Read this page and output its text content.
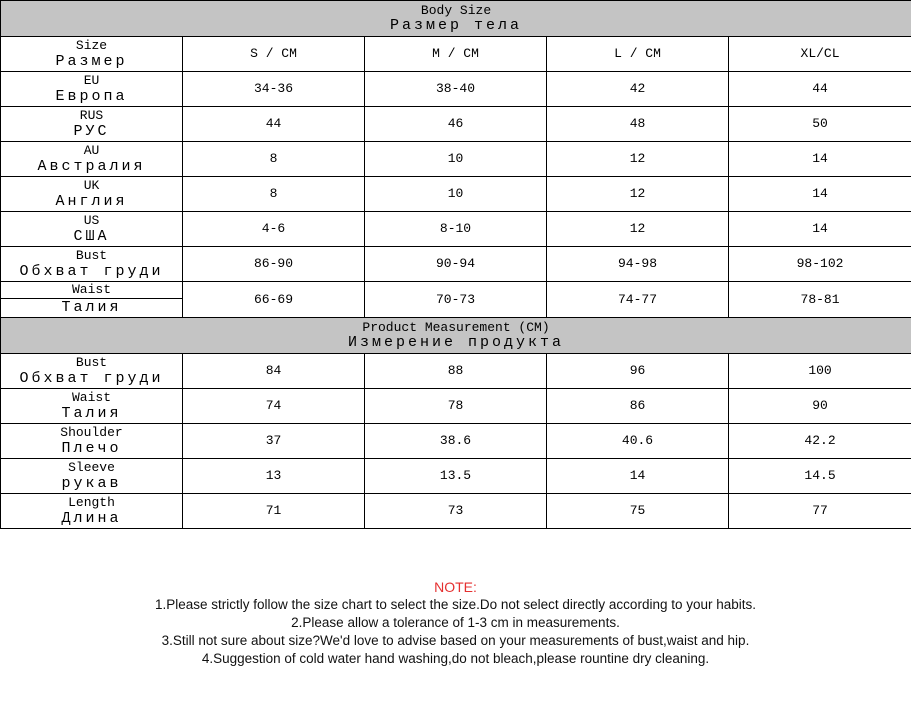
Body Size
Размер тела				

Size
Размер	S / CM	M / CM	L / CM	XL/CL

EU
Европа	34-36	38-40	42	44

RUS
РУС	44	46	48	50

AU
Австралия	8	10	12	14

UK
Англия	8	10	12	14

US
США	4-6	8-10	12	14

Bust
Обхват груди	86-90	90-94	94-98	98-102

Waist
Талия	66-69	70-73	74-77	78-81

Product Measurement (CM)
Измерение продукта				

Bust
Обхват груди	84	88	96	100

Waist
Талия	74	78	86	90

Shoulder
Плечо	37	38.6	40.6	42.2

Sleeve
рукав	13	13.5	14	14.5

Length
Длина	71	73	75	77
NOTE:
1.Please strictly follow the size chart to select the size.Do not select directly according to your habits.
2.Please allow a tolerance of 1-3 cm in measurements.
3.Still not sure about size?We'd love to advise based on your measurements of bust,waist and hip.
4.Suggestion of cold water hand washing,do not bleach,please rountine dry cleaning.
